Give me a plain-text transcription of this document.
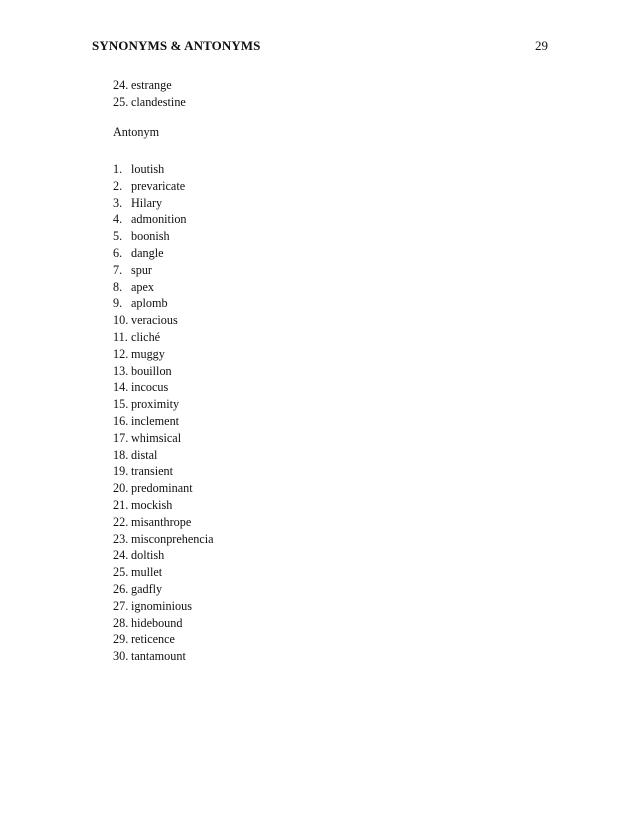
SYNONYMS & ANTONYMS	29
24. estrange
25. clandestine
Antonym
1. loutish
2. prevaricate
3. Hilary
4. admonition
5. boonish
6. dangle
7. spur
8. apex
9. aplomb
10. veracious
11. cliché
12. muggy
13. bouillon
14. incocus
15. proximity
16. inclement
17. whimsical
18. distal
19. transient
20. predominant
21. mockish
22. misanthrope
23. misconprehencia
24. doltish
25. mullet
26. gadfly
27. ignominious
28. hidebound
29. reticence
30. tantamount
